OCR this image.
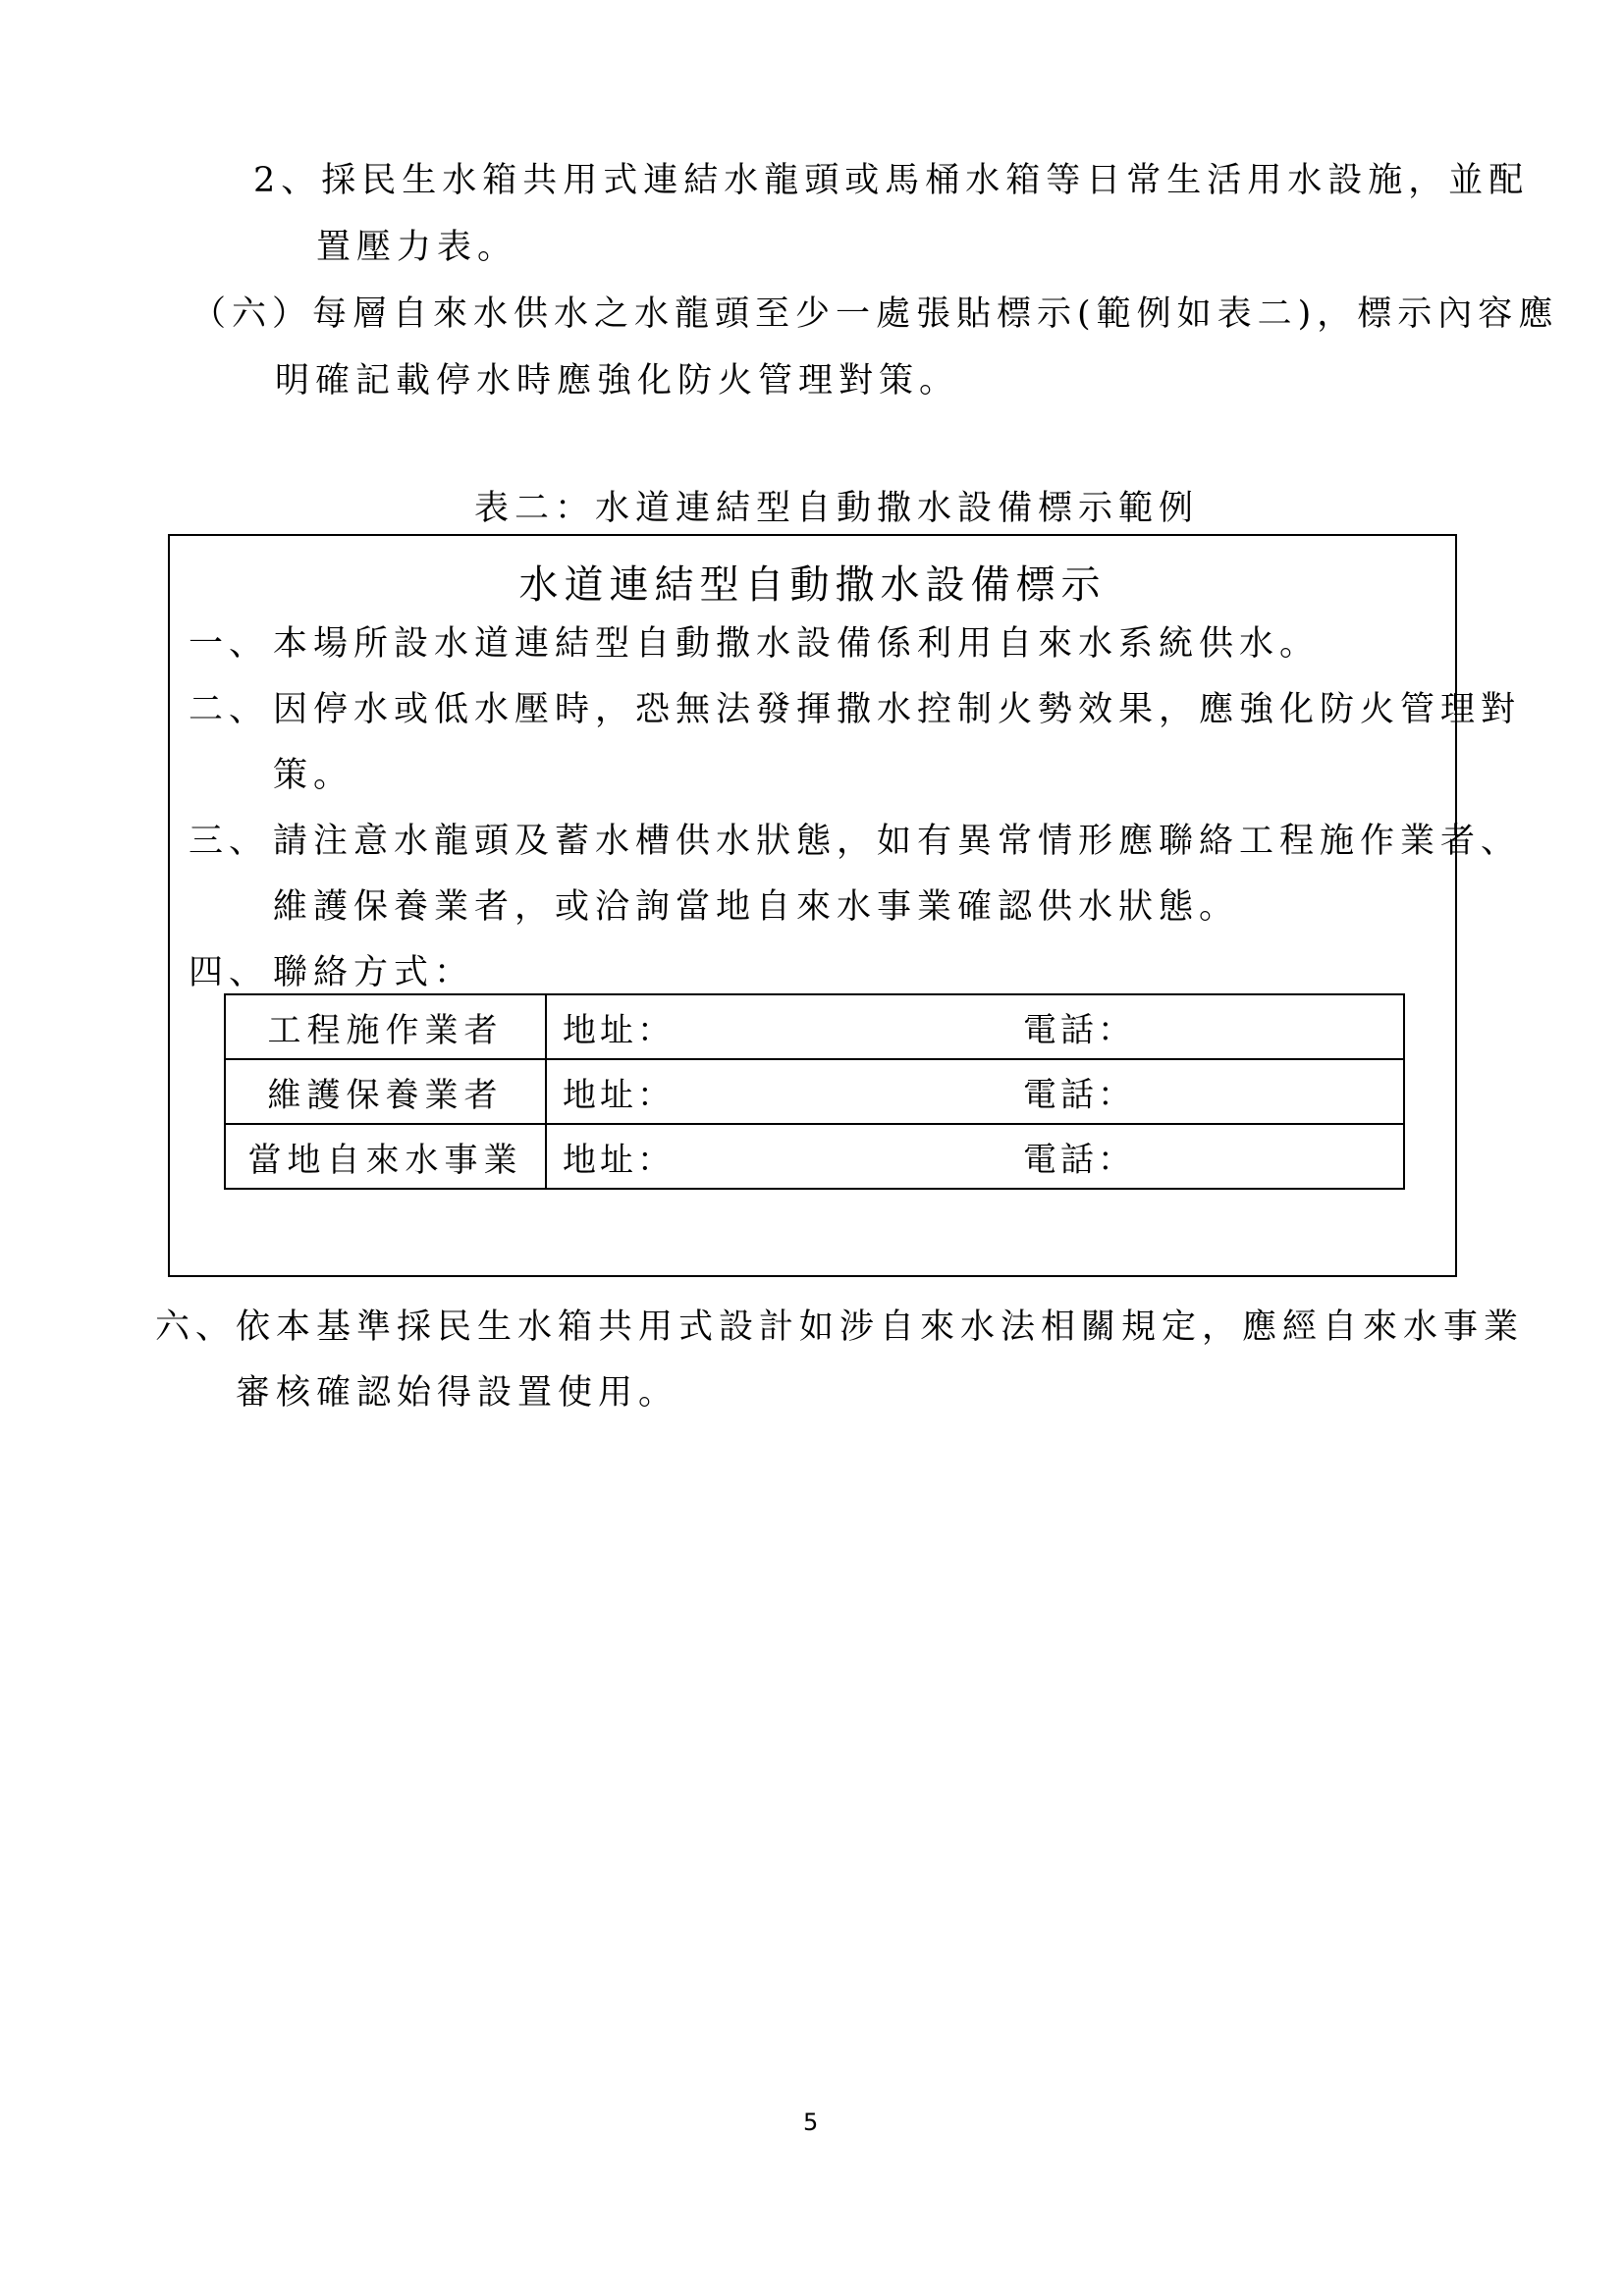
2、採民生水箱共用式連結水龍頭或馬桶水箱等日常生活用水設施，並配
置壓力表。
（六）每層自來水供水之水龍頭至少一處張貼標示(範例如表二)，標示內容應
明確記載停水時應強化防火管理對策。
表二：水道連結型自動撒水設備標示範例
水道連結型自動撒水設備標示
一、 本場所設水道連結型自動撒水設備係利用自來水系統供水。
二、 因停水或低水壓時，恐無法發揮撒水控制火勢效果，應強化防火管理對
策。
三、 請注意水龍頭及蓄水槽供水狀態，如有異常情形應聯絡工程施作業者、
維護保養業者，或洽詢當地自來水事業確認供水狀態。
四、 聯絡方式：
工程施作業者	地址： 電話：

維護保養業者	地址： 電話：

當地自來水事業	地址： 電話：
六、依本基準採民生水箱共用式設計如涉自來水法相關規定，應經自來水事業
審核確認始得設置使用。
5
